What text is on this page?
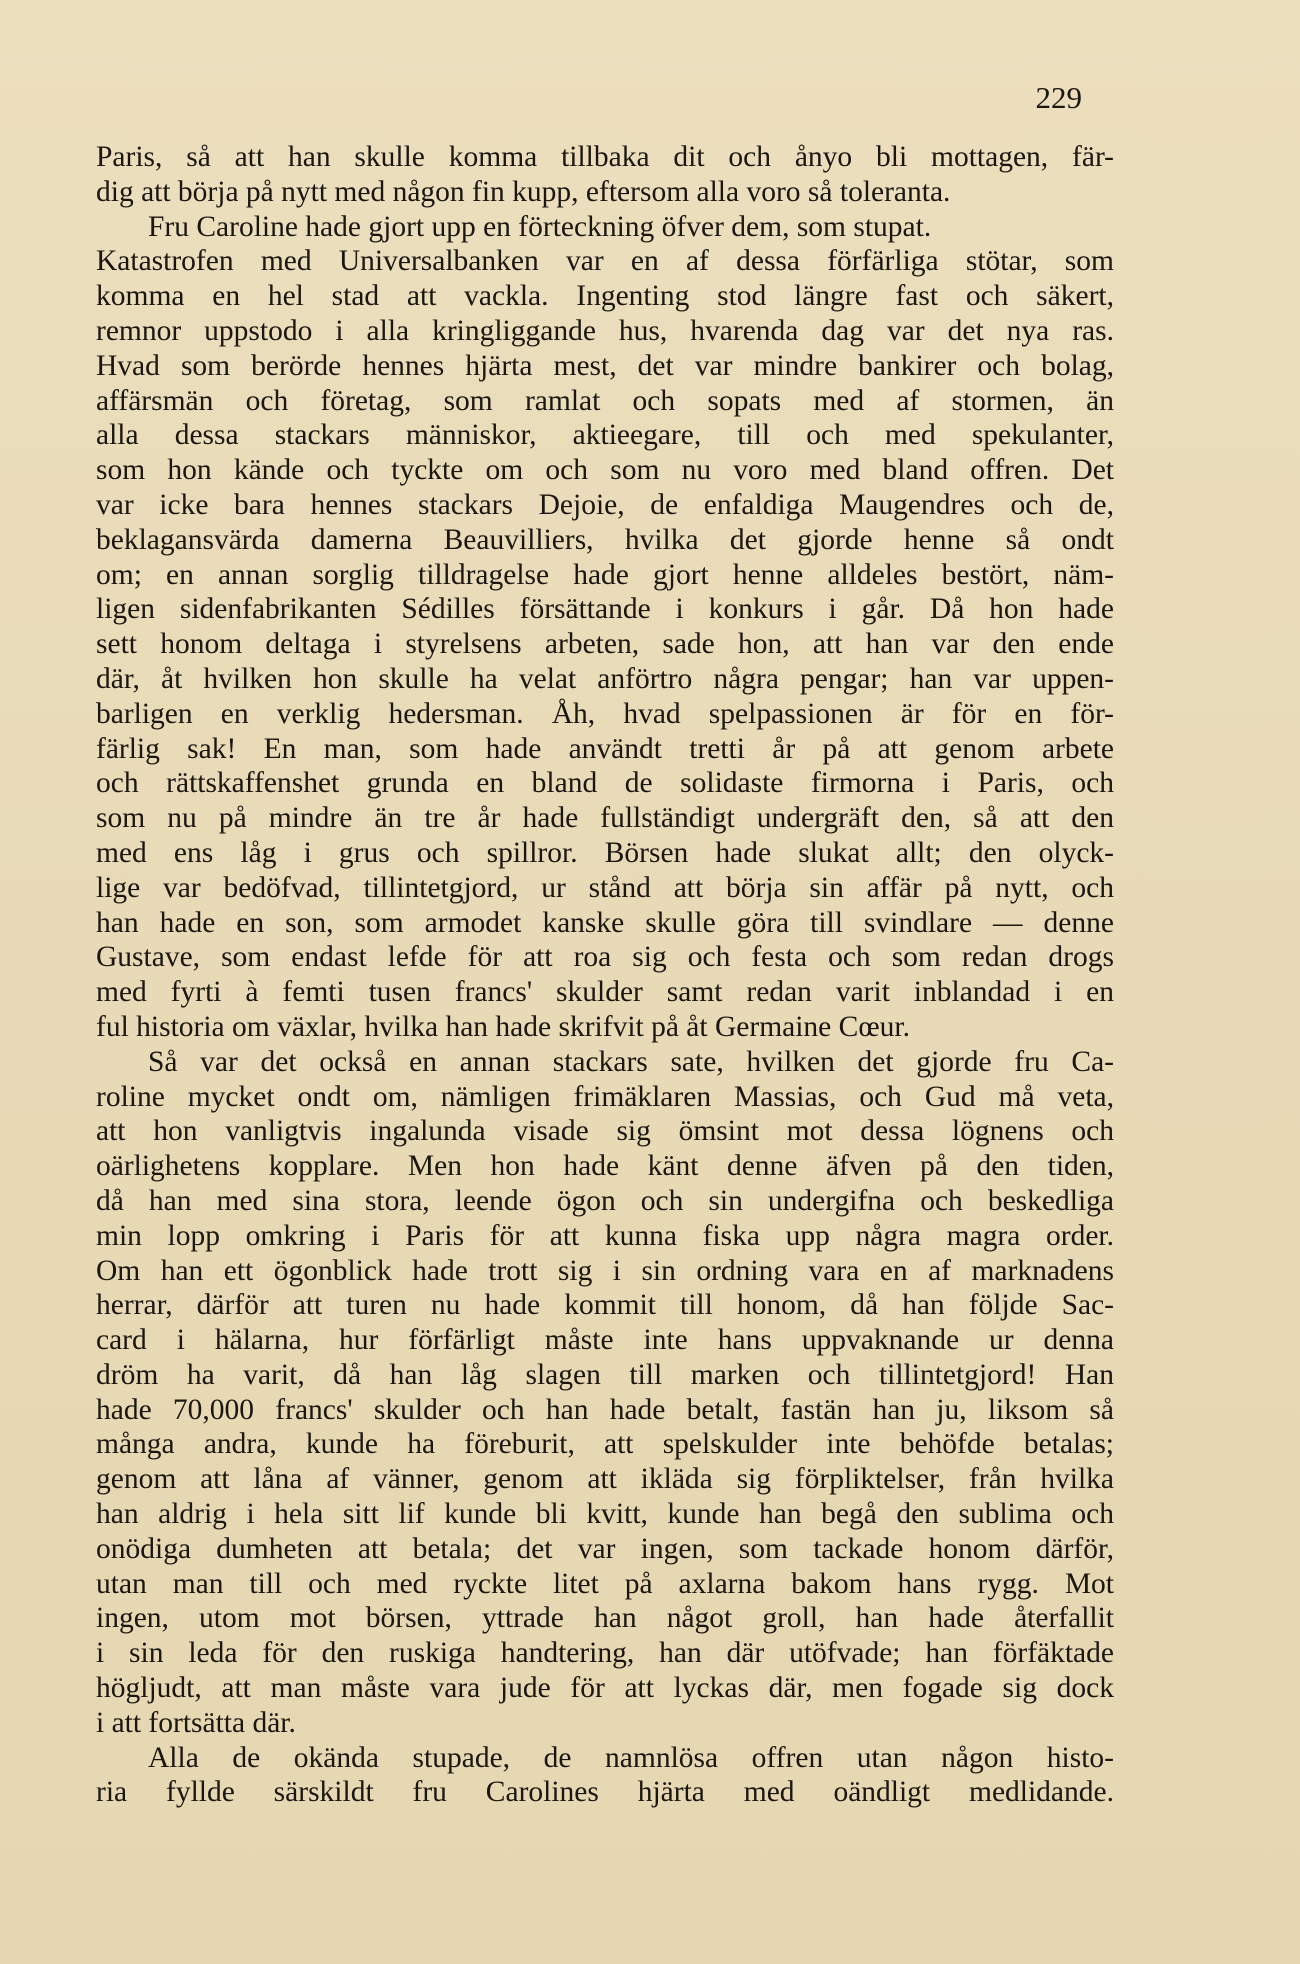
229
Paris, så att han skulle komma tillbaka dit och ånyo bli mottagen, fär-
dig att börja på nytt med någon fin kupp, eftersom alla voro så toleranta.
Fru Caroline hade gjort upp en förteckning öfver dem, som stupat.
Katastrofen med Universalbanken var en af dessa förfärliga stötar, som
komma en hel stad att vackla. Ingenting stod längre fast och säkert,
remnor uppstodo i alla kringliggande hus, hvarenda dag var det nya ras.
Hvad som berörde hennes hjärta mest, det var mindre bankirer och bolag,
affärsmän och företag, som ramlat och sopats med af stormen, än
alla dessa stackars människor, aktieegare, till och med spekulanter,
som hon kände och tyckte om och som nu voro med bland offren. Det
var icke bara hennes stackars Dejoie, de enfaldiga Maugendres och de,
beklagansvärda damerna Beauvilliers, hvilka det gjorde henne så ondt
om; en annan sorglig tilldragelse hade gjort henne alldeles bestört, näm-
ligen sidenfabrikanten Sédilles försättande i konkurs i går. Då hon hade
sett honom deltaga i styrelsens arbeten, sade hon, att han var den ende
där, åt hvilken hon skulle ha velat anförtro några pengar; han var uppen-
barligen en verklig hedersman. Åh, hvad spelpassionen är för en för-
färlig sak! En man, som hade användt tretti år på att genom arbete
och rättskaffenshet grunda en bland de solidaste firmorna i Paris, och
som nu på mindre än tre år hade fullständigt undergräft den, så att den
med ens låg i grus och spillror. Börsen hade slukat allt; den olyck-
lige var bedöfvad, tillintetgjord, ur stånd att börja sin affär på nytt, och
han hade en son, som armodet kanske skulle göra till svindlare — denne
Gustave, som endast lefde för att roa sig och festa och som redan drogs
med fyrti à femti tusen francs' skulder samt redan varit inblandad i en
ful historia om växlar, hvilka han hade skrifvit på åt Germaine Cœur.
Så var det också en annan stackars sate, hvilken det gjorde fru Ca-
roline mycket ondt om, nämligen frimäklaren Massias, och Gud må veta,
att hon vanligtvis ingalunda visade sig ömsint mot dessa lögnens och
oärlighetens kopplare. Men hon hade känt denne äfven på den tiden,
då han med sina stora, leende ögon och sin undergifna och beskedliga
min lopp omkring i Paris för att kunna fiska upp några magra order.
Om han ett ögonblick hade trott sig i sin ordning vara en af marknadens
herrar, därför att turen nu hade kommit till honom, då han följde Sac-
card i hälarna, hur förfärligt måste inte hans uppvaknande ur denna
dröm ha varit, då han låg slagen till marken och tillintetgjord! Han
hade 70,000 francs' skulder och han hade betalt, fastän han ju, liksom så
många andra, kunde ha föreburit, att spelskulder inte behöfde betalas;
genom att låna af vänner, genom att ikläda sig förpliktelser, från hvilka
han aldrig i hela sitt lif kunde bli kvitt, kunde han begå den sublima och
onödiga dumheten att betala; det var ingen, som tackade honom därför,
utan man till och med ryckte litet på axlarna bakom hans rygg. Mot
ingen, utom mot börsen, yttrade han något groll, han hade återfallit
i sin leda för den ruskiga handtering, han där utöfvade; han förfäktade
högljudt, att man måste vara jude för att lyckas där, men fogade sig dock
i att fortsätta där.
Alla de okända stupade, de namnlösa offren utan någon histo-
ria fyllde särskildt fru Carolines hjärta med oändligt medlidande.
